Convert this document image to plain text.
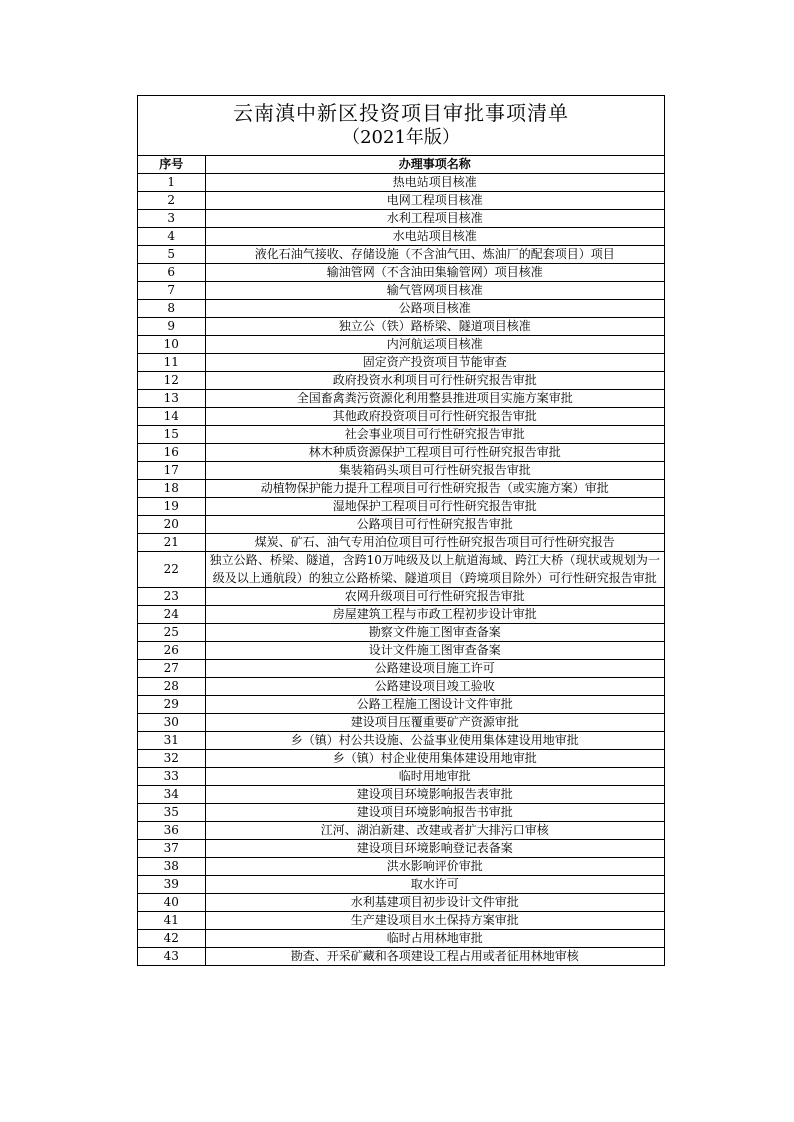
云南滇中新区投资项目审批事项清单
（2021年版）
序号	办理事项名称
1	热电站项目核准
2	电网工程项目核准
3	水利工程项目核准
4	水电站项目核准
5	液化石油气接收、存储设施（不含油气田、炼油厂的配套项目）项目
6	输油管网（不含油田集输管网）项目核准
7	输气管网项目核准
8	公路项目核准
9	独立公（铁）路桥梁、隧道项目核准
10	内河航运项目核准
11	固定资产投资项目节能审查
12	政府投资水利项目可行性研究报告审批
13	全国畜禽粪污资源化利用整县推进项目实施方案审批
14	其他政府投资项目可行性研究报告审批
15	社会事业项目可行性研究报告审批
16	林木种质资源保护工程项目可行性研究报告审批
17	集装箱码头项目可行性研究报告审批
18	动植物保护能力提升工程项目可行性研究报告（或实施方案）审批
19	湿地保护工程项目可行性研究报告审批
20	公路项目可行性研究报告审批
21	煤炭、矿石、油气专用泊位项目可行性研究报告项目可行性研究报告
22	独立公路、桥梁、隧道，含跨10万吨级及以上航道海域、跨江大桥（现状或规划为一级及以上通航段）的独立公路桥梁、隧道项目（跨境项目除外）可行性研究报告审批
23	农网升级项目可行性研究报告审批
24	房屋建筑工程与市政工程初步设计审批
25	勘察文件施工图审查备案
26	设计文件施工图审查备案
27	公路建设项目施工许可
28	公路建设项目竣工验收
29	公路工程施工图设计文件审批
30	建设项目压覆重要矿产资源审批
31	乡（镇）村公共设施、公益事业使用集体建设用地审批
32	乡（镇）村企业使用集体建设用地审批
33	临时用地审批
34	建设项目环境影响报告表审批
35	建设项目环境影响报告书审批
36	江河、湖泊新建、改建或者扩大排污口审核
37	建设项目环境影响登记表备案
38	洪水影响评价审批
39	取水许可
40	水利基建项目初步设计文件审批
41	生产建设项目水土保持方案审批
42	临时占用林地审批
43	勘查、开采矿藏和各项建设工程占用或者征用林地审核
